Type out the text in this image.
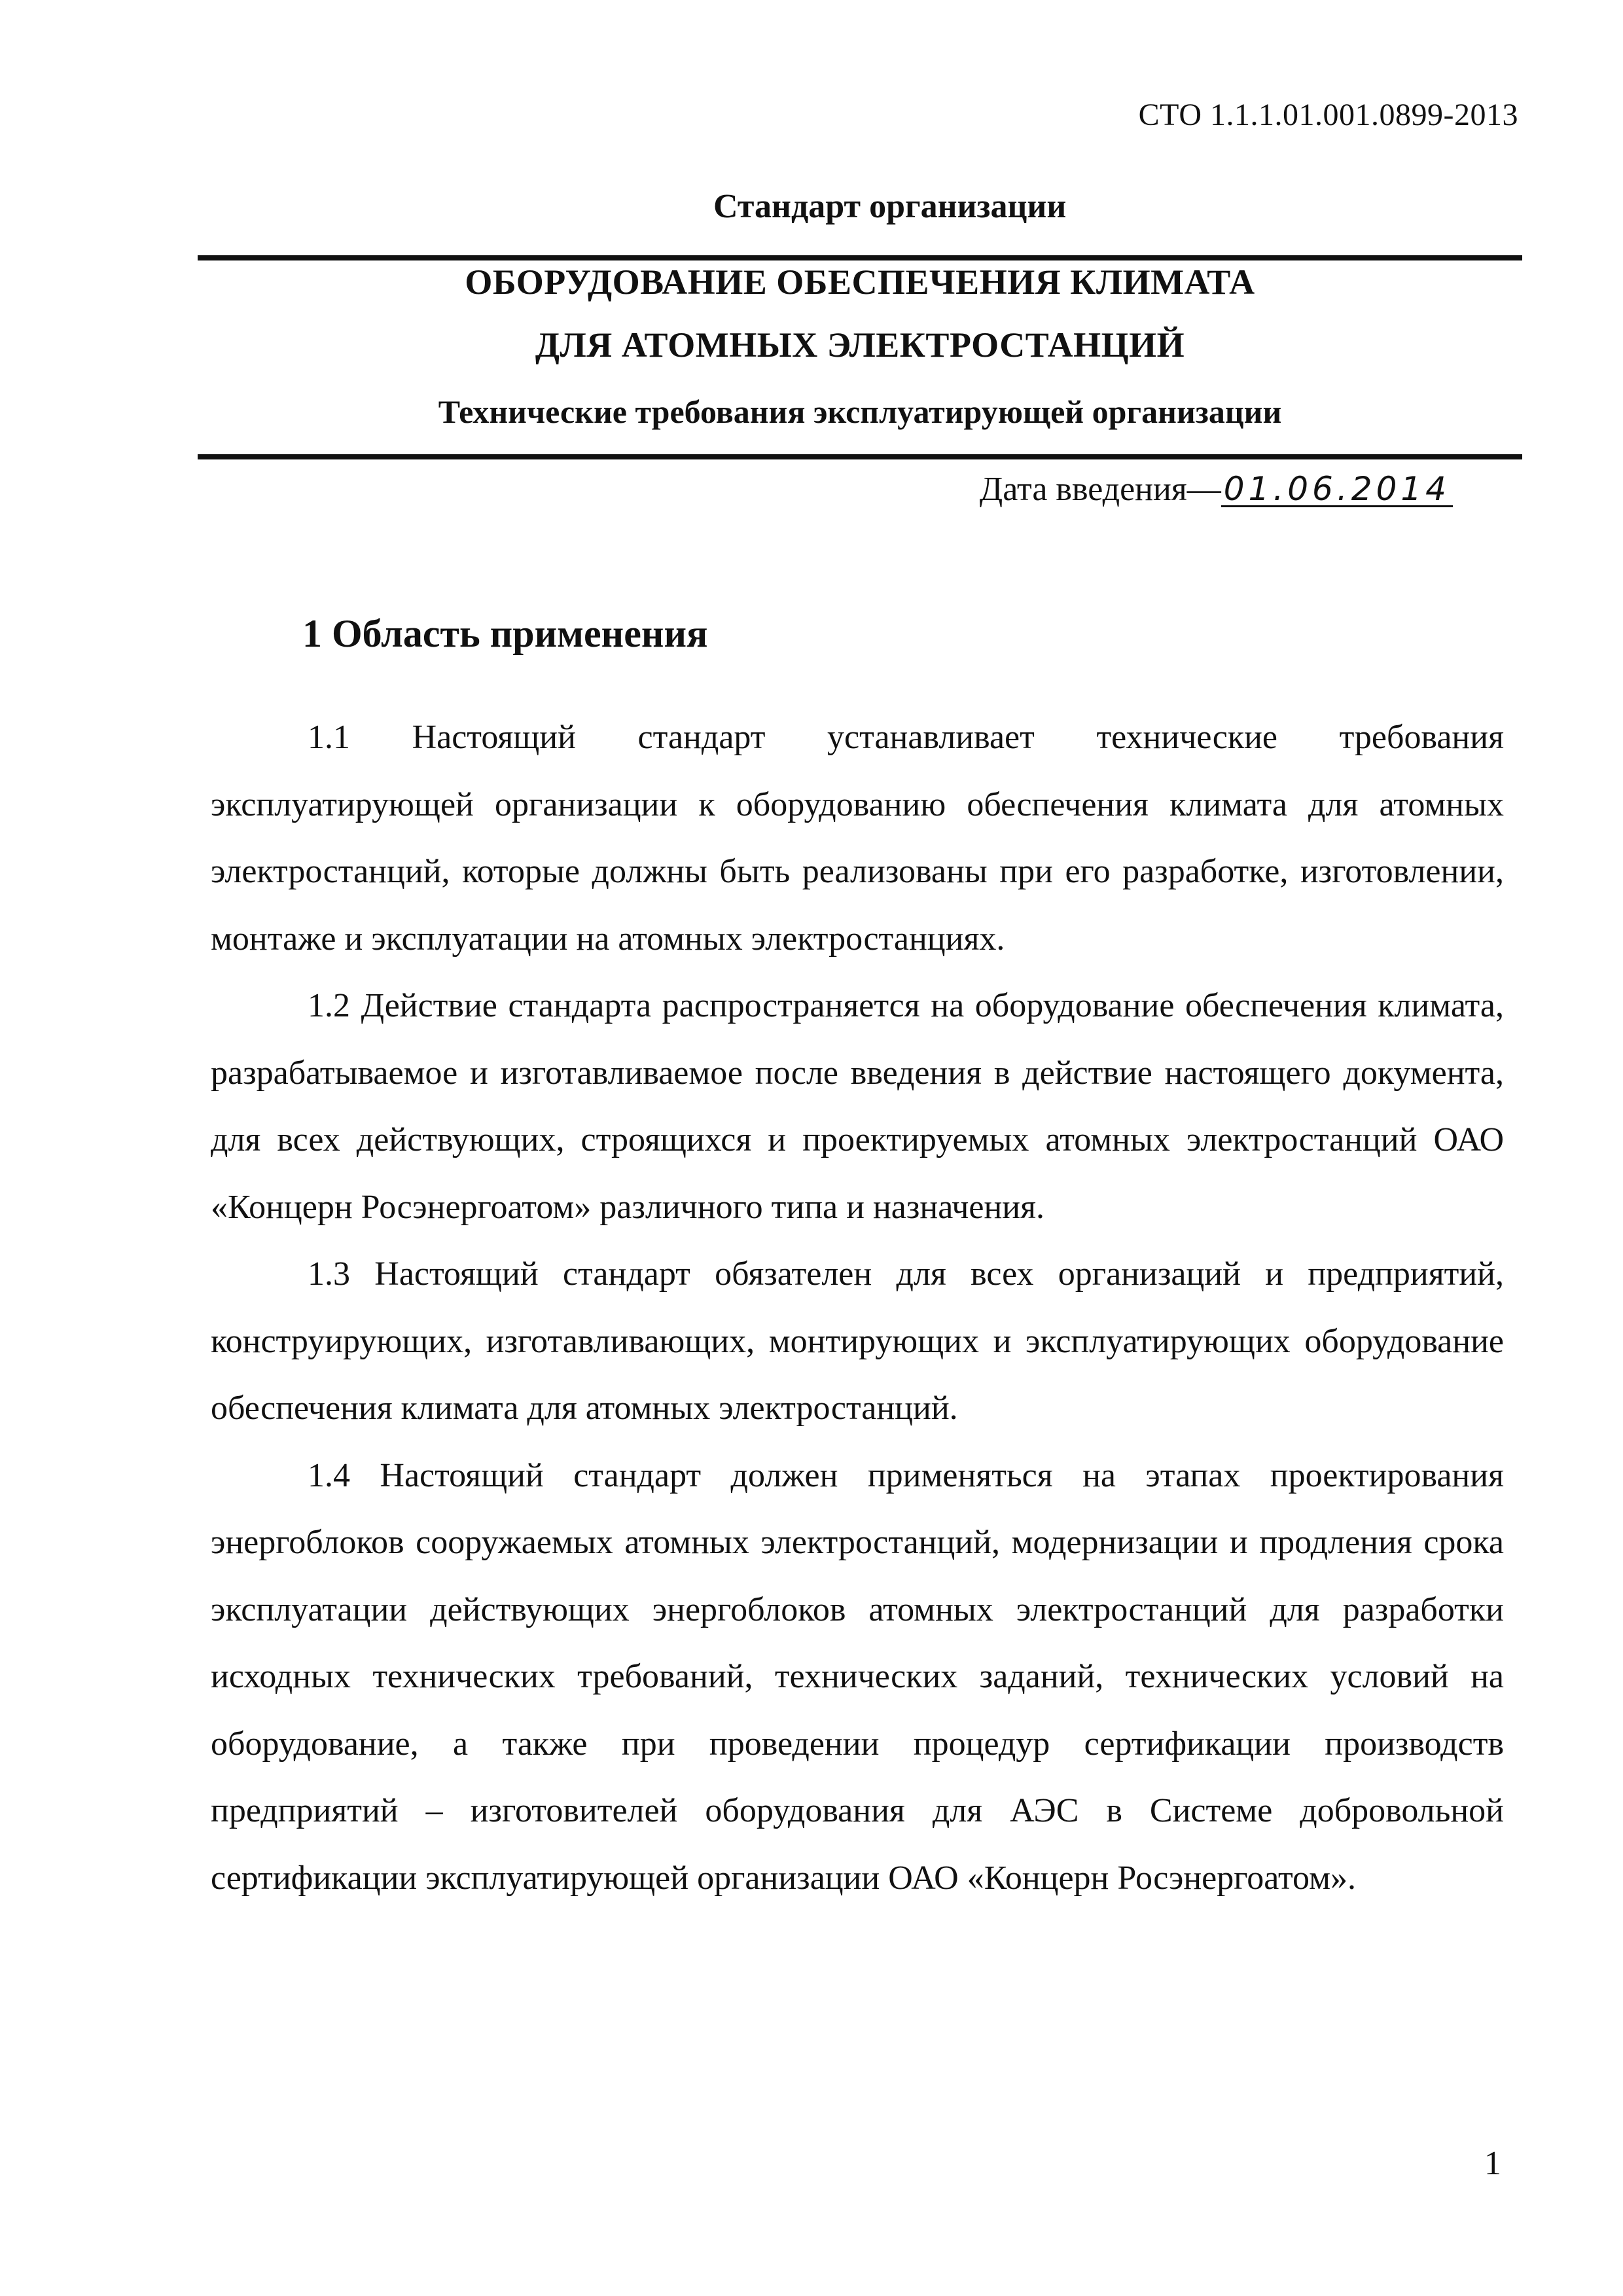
СТО 1.1.1.01.001.0899-2013
Стандарт организации
ОБОРУДОВАНИЕ ОБЕСПЕЧЕНИЯ КЛИМАТА
ДЛЯ АТОМНЫХ ЭЛЕКТРОСТАНЦИЙ
Технические требования эксплуатирующей организации
Дата введения—01.06.2014
1 Область применения

1.1 Настоящий стандарт устанавливает технические требования эксплуатирующей организации к оборудованию обеспечения климата для атомных электростанций, которые должны быть реализованы при его разработке, изготовлении, монтаже и эксплуатации на атомных электростанциях.

1.2 Действие стандарта распространяется на оборудование обеспечения климата, разрабатываемое и изготавливаемое после введения в действие настоящего документа, для всех действующих, строящихся и проектируемых атомных электростанций ОАО «Концерн Росэнергоатом» различного типа и назначения.

1.3 Настоящий стандарт обязателен для всех организаций и предприятий, конструирующих, изготавливающих, монтирующих и эксплуатирующих оборудование обеспечения климата для атомных электростанций.

1.4 Настоящий стандарт должен применяться на этапах проектирования энергоблоков сооружаемых атомных электростанций, модернизации и продления срока эксплуатации действующих энергоблоков атомных электростанций для разработки исходных технических требований, технических заданий, технических условий на оборудование, а также при проведении процедур сертификации производств предприятий – изготовителей оборудования для АЭС в Системе добровольной сертификации эксплуатирующей организации ОАО «Концерн Росэнергоатом».

1
